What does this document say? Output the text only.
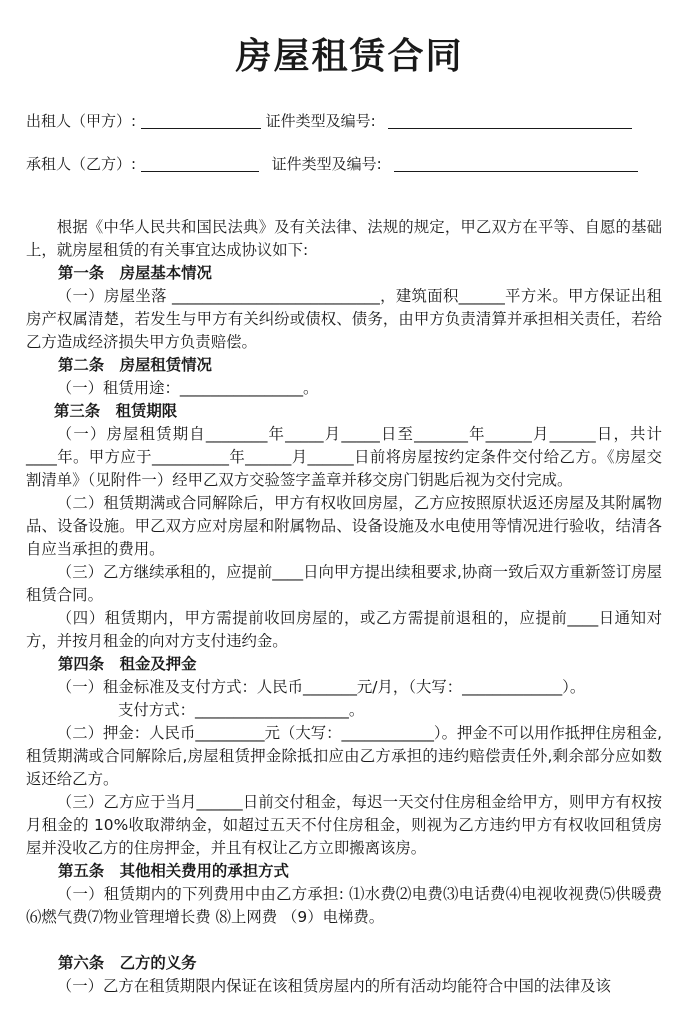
房屋租赁合同
出租人（甲方）:	证件类型及编号:
承租人（乙方）:	证件类型及编号:

根据《中华人民共和国民法典》及有关法律、法规的规定，甲乙双方在平等、自愿的基础上，就房屋租赁的有关事宜达成协议如下:

第一条　房屋基本情况

（一）房屋坐落 ___________________________，建筑面积______平方米。甲方保证出租房产权属清楚，若发生与甲方有关纠纷或债权、债务，由甲方负责清算并承担相关责任，若给乙方造成经济损失甲方负责赔偿。

第二条　房屋租赁情况

（一）租赁用途：________________。

第三条　租赁期限

（一）房屋租赁期自________年_____月_____日至_______年______月______日，共计____年。甲方应于__________年______月______日前将房屋按约定条件交付给乙方。《房屋交割清单》（见附件一）经甲乙双方交验签字盖章并移交房门钥匙后视为交付完成。

（二）租赁期满或合同解除后，甲方有权收回房屋，乙方应按照原状返还房屋及其附属物品、设备设施。甲乙双方应对房屋和附属物品、设备设施及水电使用等情况进行验收，结清各自应当承担的费用。

（三）乙方继续承租的，应提前____日向甲方提出续租要求,协商一致后双方重新签订房屋租赁合同。

（四）租赁期内，甲方需提前收回房屋的，或乙方需提前退租的，应提前____日通知对方，并按月租金的向对方支付违约金。

第四条　租金及押金

（一）租金标准及支付方式：人民币_______元/月，（大写：_____________）。

支付方式：____________________。

（二）押金：人民币_________元（大写：____________）。押金不可以用作抵押住房租金,租赁期满或合同解除后,房屋租赁押金除抵扣应由乙方承担的违约赔偿责任外,剩余部分应如数返还给乙方。

（三）乙方应于当月______日前交付租金，每迟一天交付住房租金给甲方，则甲方有权按月租金的 10%收取滞纳金，如超过五天不付住房租金，则视为乙方违约甲方有权收回租赁房屋并没收乙方的住房押金，并且有权让乙方立即搬离该房。

第五条　其他相关费用的承担方式

（一）租赁期内的下列费用中由乙方承担: ⑴水费⑵电费⑶电话费⑷电视收视费⑸供暖费⑹燃气费⑺物业管理增长费 ⑻上网费 （9）电梯费。

第六条　乙方的义务

（一）乙方在租赁期限内保证在该租赁房屋内的所有活动均能符合中国的法律及该
